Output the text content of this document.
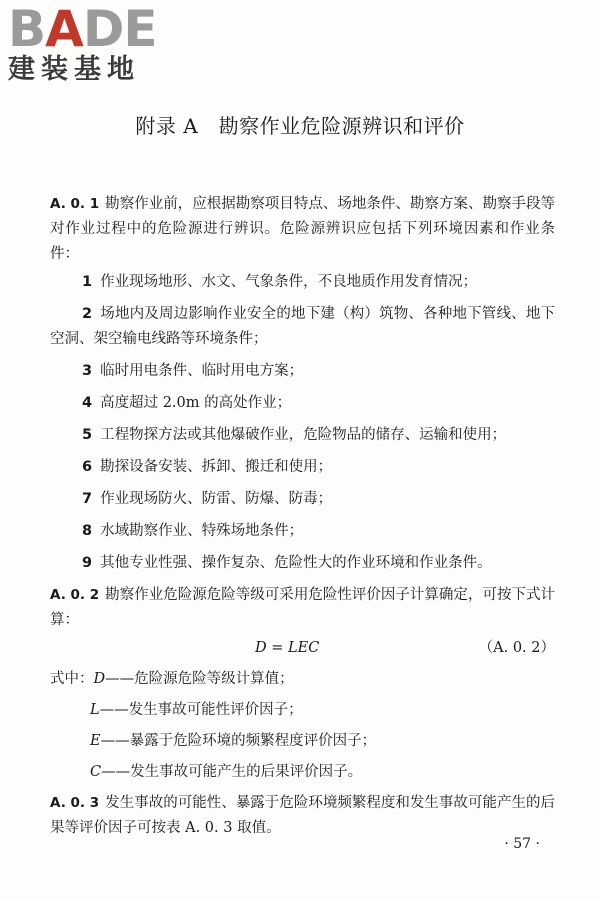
BADE
建装基地
附录 A　勘察作业危险源辨识和评价

A. 0. 1 勘察作业前，应根据勘察项目特点、场地条件、勘察方案、勘察手段等对作业过程中的危险源进行辨识。危险源辨识应包括下列环境因素和作业条件：

1 作业现场地形、水文、气象条件，不良地质作用发育情况；

2 场地内及周边影响作业安全的地下建（构）筑物、各种地下管线、地下空洞、架空输电线路等环境条件；

3 临时用电条件、临时用电方案；

4 高度超过 2.0m 的高处作业；

5 工程物探方法或其他爆破作业，危险物品的储存、运输和使用；

6 勘探设备安装、拆卸、搬迁和使用；

7 作业现场防火、防雷、防爆、防毒；

8 水域勘察作业、特殊场地条件；

9 其他专业性强、操作复杂、危险性大的作业环境和作业条件。

A. 0. 2 勘察作业危险源危险等级可采用危险性评价因子计算确定，可按下式计算：

D = LEC	（A. 0. 2）

式中：D——危险源危险等级计算值；

L——发生事故可能性评价因子；

E——暴露于危险环境的频繁程度评价因子；

C——发生事故可能产生的后果评价因子。

A. 0. 3 发生事故的可能性、暴露于危险环境频繁程度和发生事故可能产生的后果等评价因子可按表 A. 0. 3 取值。

· 57 ·
